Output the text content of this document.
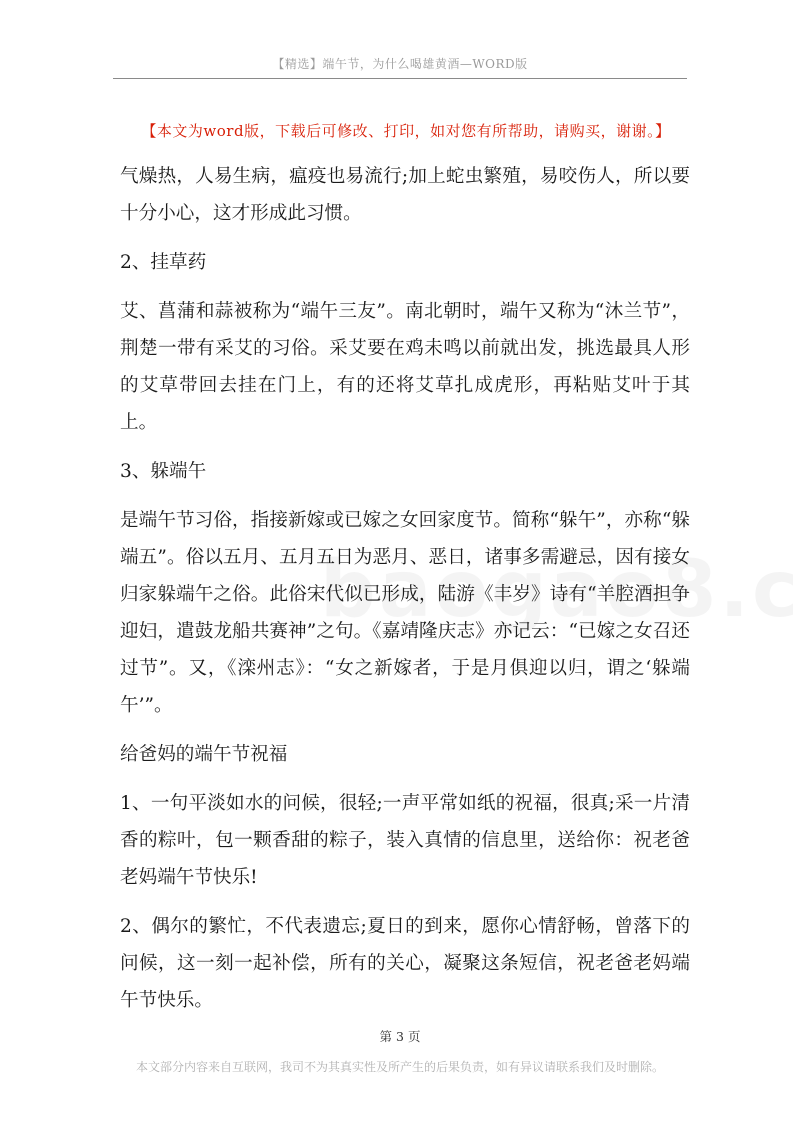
【精选】端午节，为什么喝雄黄酒—WORD版
【本文为word版，下载后可修改、打印，如对您有所帮助，请购买，谢谢。】

气燥热，人易生病，瘟疫也易流行;加上蛇虫繁殖，易咬伤人，所以要十分小心，这才形成此习惯。

2、挂草药

艾、菖蒲和蒜被称为“端午三友”。南北朝时，端午又称为“沐兰节”，荆楚一带有采艾的习俗。采艾要在鸡未鸣以前就出发，挑选最具人形的艾草带回去挂在门上，有的还将艾草扎成虎形，再粘贴艾叶于其上。

3、躲端午

是端午节习俗，指接新嫁或已嫁之女回家度节。简称“躲午”，亦称“躲端五”。俗以五月、五月五日为恶月、恶日，诸事多需避忌，因有接女归家躲端午之俗。此俗宋代似已形成，陆游《丰岁》诗有“羊腔酒担争迎妇，遣鼓龙船共赛神”之句。《嘉靖隆庆志》亦记云：“已嫁之女召还过节”。又，《滦州志》：“女之新嫁者，于是月俱迎以归，谓之‘躲端午’”。

给爸妈的端午节祝福

1、一句平淡如水的问候，很轻;一声平常如纸的祝福，很真;采一片清香的粽叶，包一颗香甜的粽子，装入真情的信息里，送给你：祝老爸老妈端午节快乐!

2、偶尔的繁忙，不代表遗忘;夏日的到来，愿你心情舒畅，曾落下的问候，这一刻一起补偿，所有的关心，凝聚这条短信，祝老爸老妈端午节快乐。

第 3 页
本文部分内容来自互联网，我司不为其真实性及所产生的后果负责，如有异议请联系我们及时删除。
